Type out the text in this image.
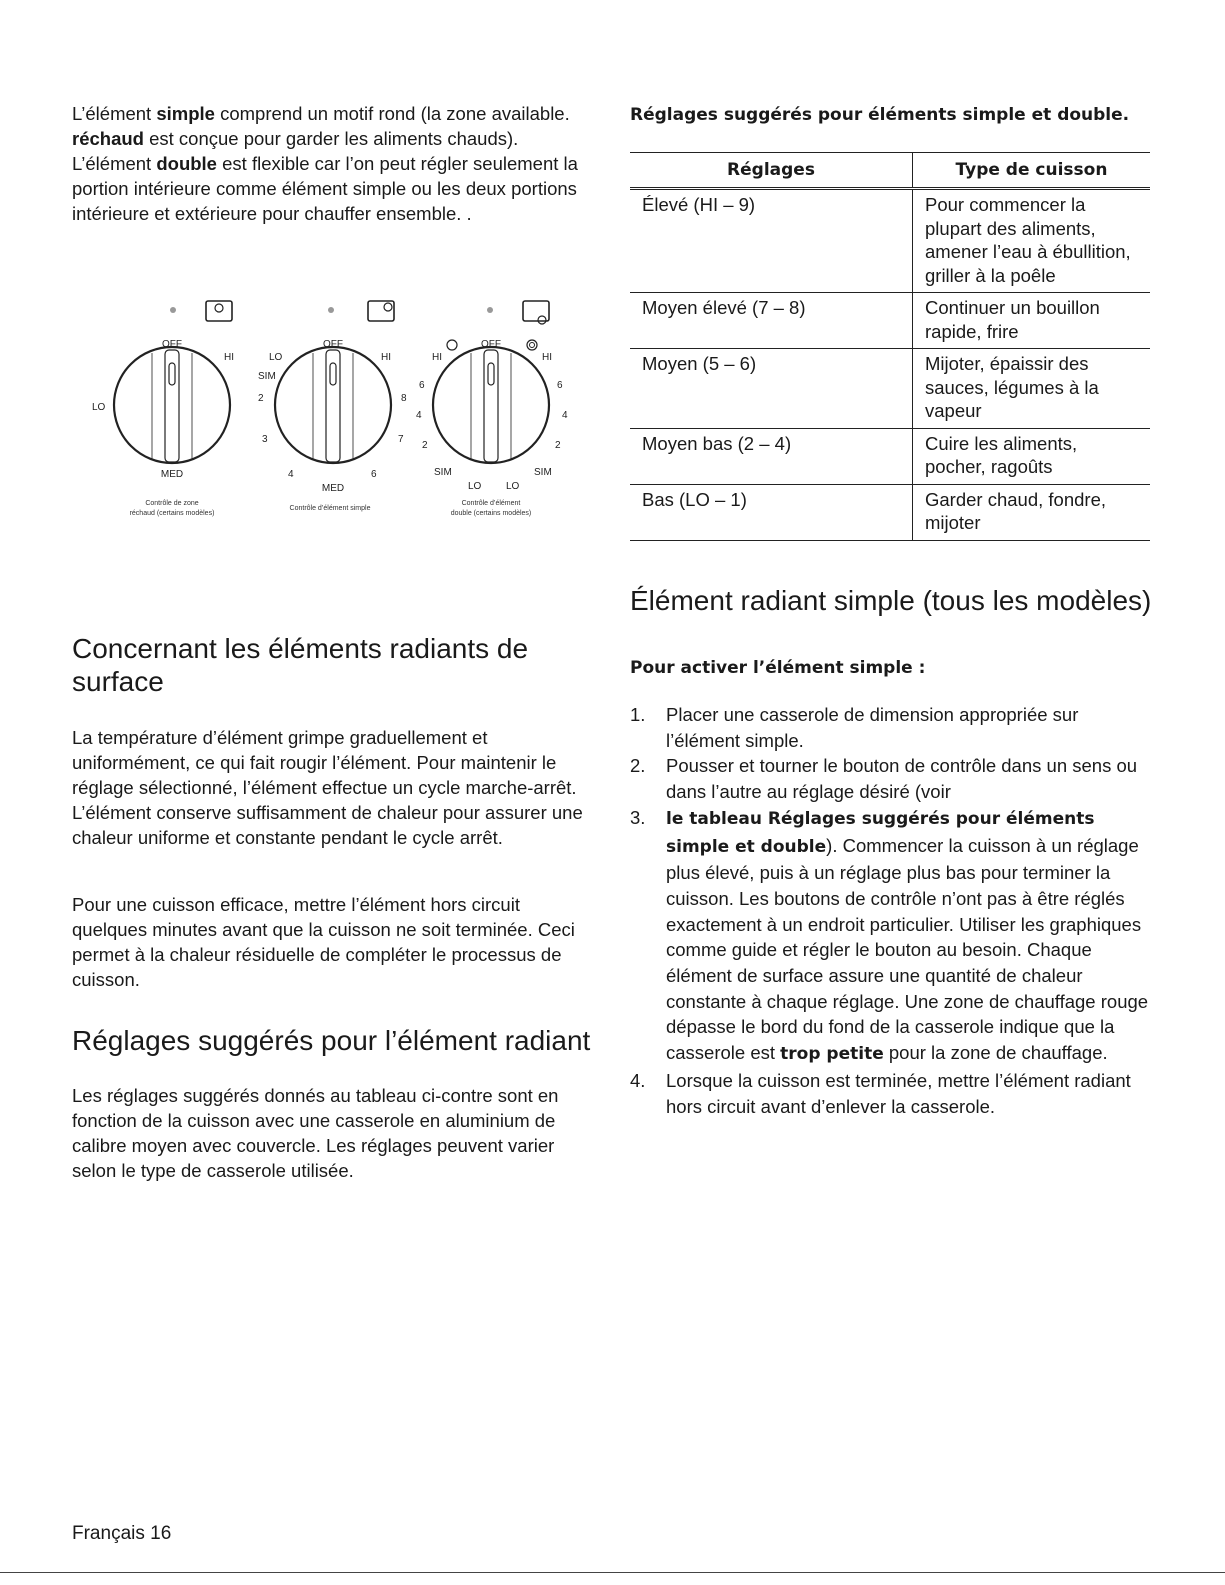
L’élément simple comprend un motif rond (la zone available. réchaud est conçue pour garder les aliments chauds). L’élément double est flexible car l’on peut régler seulement la portion intérieure comme élément simple ou les deux portions intérieure et extérieure pour chauffer ensemble. .

OFF
HI
LO
MED
Contrôle de zone
réchaud (certains modèles)
OFF
HI
LO
SIM
2
3
4
MED
6
7
8
Contrôle d’élément simple
OFF
HI	HI
6
4
2
6
4
2
SIM	SIM
LO LO
Contrôle d’élément
double (certains modèles)
Concernant les éléments radiants de surface

La température d’élément grimpe graduellement et uniformément, ce qui fait rougir l’élément. Pour maintenir le réglage sélectionné, l’élément effectue un cycle marche-arrêt. L’élément conserve suffisamment de chaleur pour assurer une chaleur uniforme et constante pendant le cycle arrêt.

Pour une cuisson efficace, mettre l’élément hors circuit quelques minutes avant que la cuisson ne soit terminée. Ceci permet à la chaleur résiduelle de compléter le processus de cuisson.

Réglages suggérés pour l’élément radiant

Les réglages suggérés donnés au tableau ci-contre sont en fonction de la cuisson avec une casserole en aluminium de calibre moyen avec couvercle. Les réglages peuvent varier selon le type de casserole utilisée.

Réglages suggérés pour éléments simple et double.
Réglages	Type de cuisson
Élevé (HI – 9)	Pour commencer la plupart des aliments, amener l’eau à ébullition, griller à la poêle
Moyen élevé (7 – 8)	Continuer un bouillon rapide, frire
Moyen (5 – 6)	Mijoter, épaissir des sauces, légumes à la vapeur
Moyen bas (2 – 4)	Cuire les aliments, pocher, ragoûts
Bas (LO – 1)	Garder chaud, fondre, mijoter
Élément radiant simple (tous les modèles)
Pour activer l’élément simple :
1. Placer une casserole de dimension appropriée sur l’élément simple.
2. Pousser et tourner le bouton de contrôle dans un sens ou dans l’autre au réglage désiré (voir
3. le tableau Réglages suggérés pour éléments simple et double). Commencer la cuisson à un réglage plus élevé, puis à un réglage plus bas pour terminer la cuisson. Les boutons de contrôle n’ont pas à être réglés exactement à un endroit particulier. Utiliser les graphiques comme guide et régler le bouton au besoin. Chaque élément de surface assure une quantité de chaleur constante à chaque réglage. Une zone de chauffage rouge dépasse le bord du fond de la casserole indique que la casserole est trop petite pour la zone de chauffage.
4. Lorsque la cuisson est terminée, mettre l’élément radiant hors circuit avant d’enlever la casserole.
Français 16
